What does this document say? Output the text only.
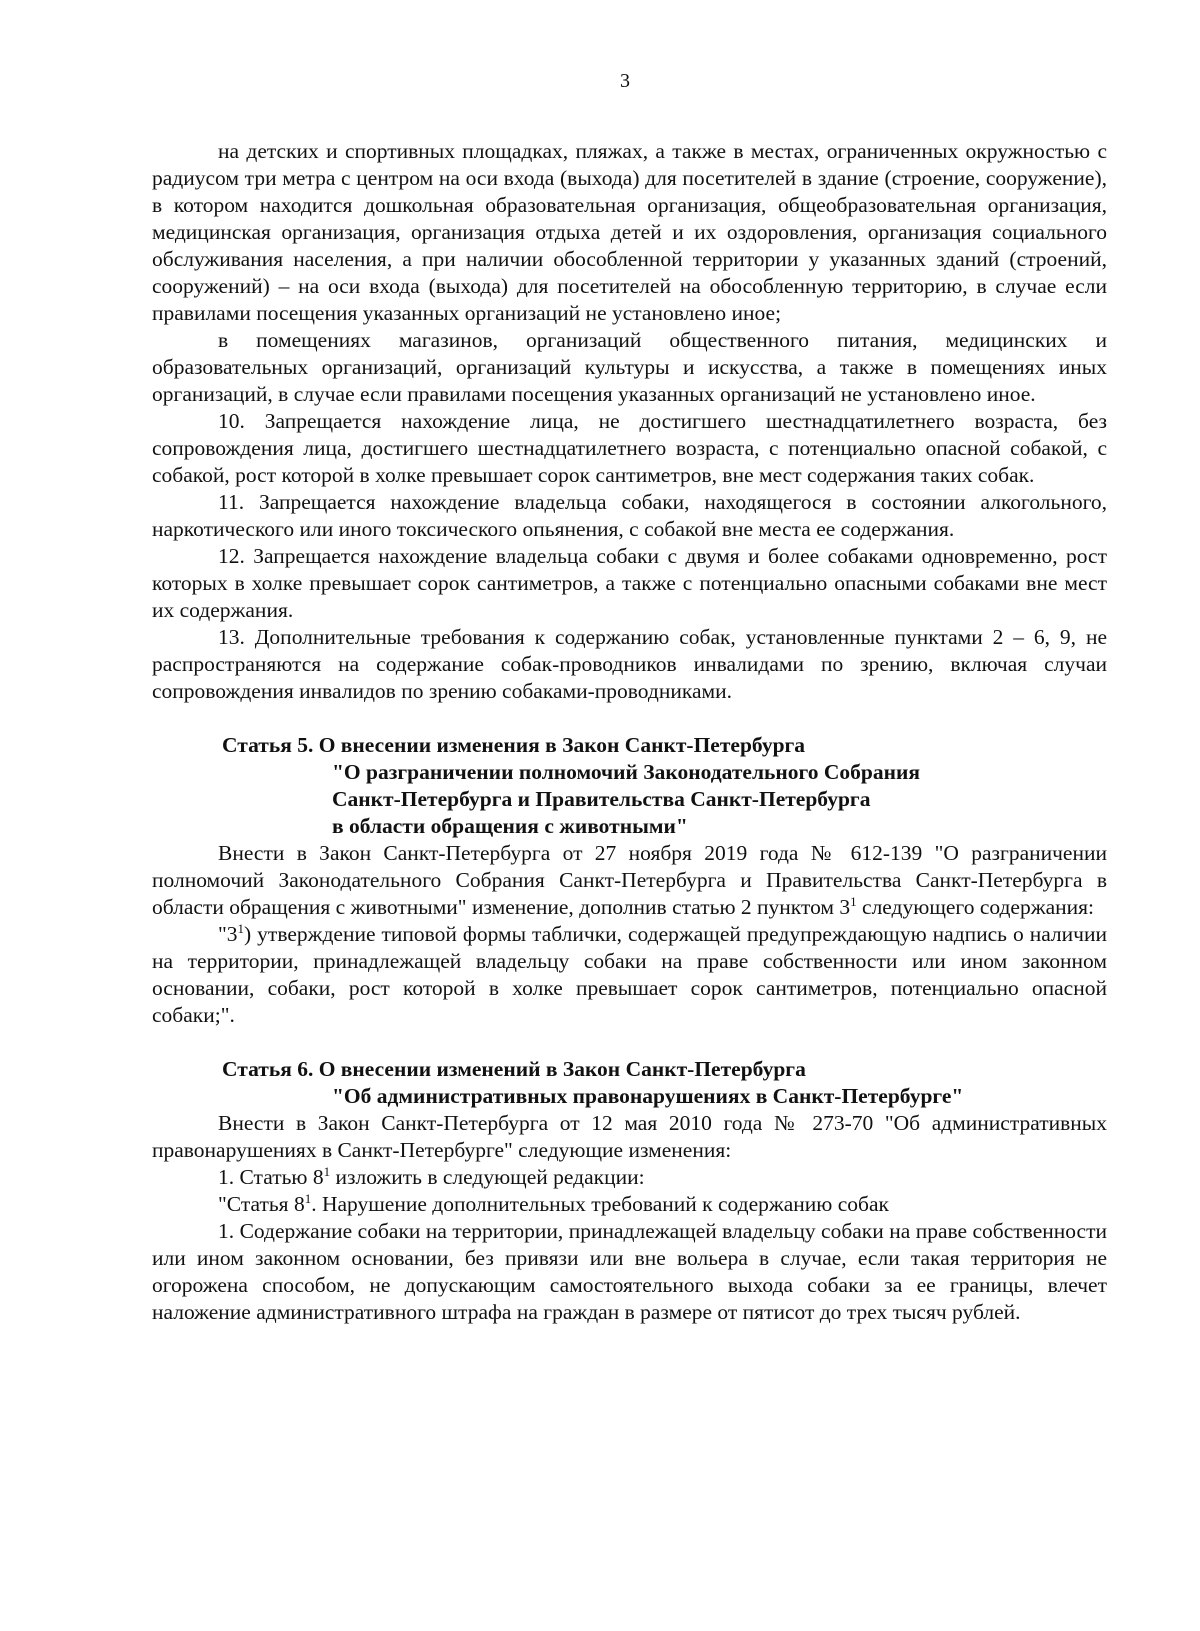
3

на детских и спортивных площадках, пляжах, а также в местах, ограниченных окружностью с радиусом три метра с центром на оси входа (выхода) для посетителей в здание (строение, сооружение), в котором находится дошкольная образовательная организация, общеобразовательная организация, медицинская организация, организация отдыха детей и их оздоровления, организация социального обслуживания населения, а при наличии обособленной территории у указанных зданий (строений, сооружений) – на оси входа (выхода) для посетителей на обособленную территорию, в случае если правилами посещения указанных организаций не установлено иное;

в помещениях магазинов, организаций общественного питания, медицинских и образовательных организаций, организаций культуры и искусства, а также в помещениях иных организаций, в случае если правилами посещения указанных организаций не установлено иное.

10. Запрещается нахождение лица, не достигшего шестнадцатилетнего возраста, без сопровождения лица, достигшего шестнадцатилетнего возраста, с потенциально опасной собакой, с собакой, рост которой в холке превышает сорок сантиметров, вне мест содержания таких собак.

11. Запрещается нахождение владельца собаки, находящегося в состоянии алкогольного, наркотического или иного токсического опьянения, с собакой вне места ее содержания.

12. Запрещается нахождение владельца собаки с двумя и более собаками одновременно, рост которых в холке превышает сорок сантиметров, а также с потенциально опасными собаками вне мест их содержания.

13. Дополнительные требования к содержанию собак, установленные пунктами 2 – 6, 9, не распространяются на содержание собак-проводников инвалидами по зрению, включая случаи сопровождения инвалидов по зрению собаками-проводниками.

Статья 5. О внесении изменения в Закон Санкт-Петербурга
"О разграничении полномочий Законодательного Собрания
Санкт-Петербурга и Правительства Санкт-Петербурга
в области обращения с животными"

Внести в Закон Санкт-Петербурга от 27 ноября 2019 года № 612-139 "О разграничении полномочий Законодательного Собрания Санкт-Петербурга и Правительства Санкт-Петербурга в области обращения с животными" изменение, дополнив статью 2 пунктом $3^1$ следующего содержания:

"$3^1$) утверждение типовой формы таблички, содержащей предупреждающую надпись о наличии на территории, принадлежащей владельцу собаки на праве собственности или ином законном основании, собаки, рост которой в холке превышает сорок сантиметров, потенциально опасной собаки;".

Статья 6. О внесении изменений в Закон Санкт-Петербурга
"Об административных правонарушениях в Санкт-Петербурге"

Внести в Закон Санкт-Петербурга от 12 мая 2010 года № 273-70 "Об административных правонарушениях в Санкт-Петербурге" следующие изменения:

1. Статью $8^1$ изложить в следующей редакции:

"Статья $8^1$. Нарушение дополнительных требований к содержанию собак

1. Содержание собаки на территории, принадлежащей владельцу собаки на праве собственности или ином законном основании, без привязи или вне вольера в случае, если такая территория не огорожена способом, не допускающим самостоятельного выхода собаки за ее границы, влечет наложение административного штрафа на граждан в размере от пятисот до трех тысяч рублей.
